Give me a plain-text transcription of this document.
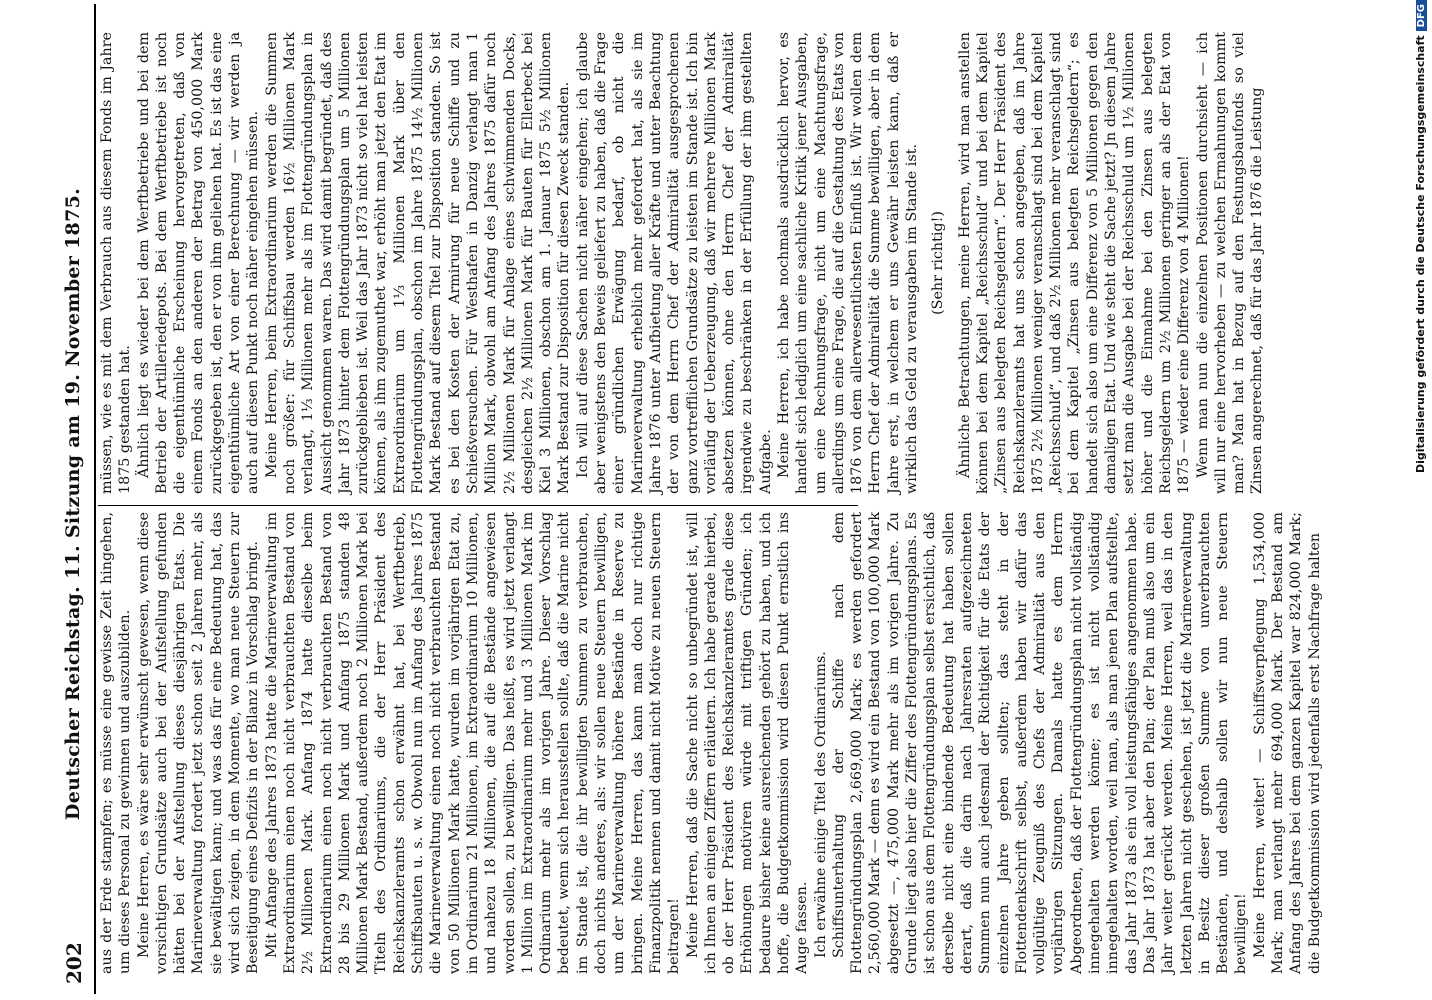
202
Deutscher Reichstag. 11. Sitzung am 19. November 1875. aus der Erde stampfen; es müsse eine gewisse Zeit hingehen, um dieses Personal zu gewinnen und auszubilden. Meine Herren, es wäre sehr erwünscht gewesen, wenn diese vorsichtigen Grundsätze auch bei der Aufstellung gefunden hätten bei der Aufstellung dieses diesjährigen Etats. Die Marineverwaltung fordert jetzt schon seit 2 Jahren mehr, als sie bewältigen kann; und was das für eine Bedeutung hat, das wird sich zeigen, in dem Momente, wo man neue Steuern zur Beseitigung eines Defizits in der Bilanz in Vorschlag bringt. Mit Anfange des Jahres 1873 hatte die Marineverwaltung im Extraordinarium einen noch nicht verbrauchten Bestand von 2½ Millionen Mark. Anfang 1874 hatte dieselbe beim Extraordinarium einen noch nicht verbrauchten Bestand von 28 bis 29 Millionen Mark und Anfang 1875 standen 48 Millionen Mark Bestand, außerdem noch 2 Millionen Mark bei Titeln des Ordinariums, die der Herr Präsident des Reichskanzleramts schon erwähnt hat, bei Werftbetrieb, Schiffsbauten u. s. w. Obwohl nun im Anfang des Jahres 1875 die Marineverwaltung einen noch nicht verbrauchten Bestand von 50 Millionen Mark hatte, wurden im vorjährigen Etat zu, im Ordinarium 21 Millionen, im Extraordinarium 10 Millionen, und nahezu 18 Millionen, die auf die Bestände angewiesen worden sollen, zu bewilligen. Das heißt, es wird jetzt verlangt 1 Million im Extraordinarium mehr und 3 Millionen Mark im Ordinarium mehr als im vorigen Jahre. Dieser Vorschlag bedeutet, wenn sich herausstellen sollte, daß die Marine nicht im Stande ist, die ihr bewilligten Summen zu verbrauchen, doch nichts anderes, als: wir sollen neue Steuern bewilligen, um der Marineverwaltung höhere Bestände in Reserve zu bringen. Meine Herren, das kann man doch nur richtige Finanzpolitik nennen und damit nicht Motive zu neuen Steuern beitragen! Meine Herren, daß die Sache nicht so unbegründet ist, will ich Ihnen an einigen Ziffern erläutern. Ich habe gerade hierbei, ob der Herr Präsident des Reichskanzleramtes grade diese Erhöhungen motiviren würde mit triftigen Gründen; ich bedaure bisher keine ausreichenden gehört zu haben, und ich hoffe, die Budgetkommission wird diesen Punkt ernstlich ins Auge fassen. Ich erwähne einige Titel des Ordinariums. Schiffsunterhaltung der Schiffe nach dem Flottengründungsplan 2,669,000 Mark; es werden gefordert 2,560,000 Mark — denn es wird ein Bestand von 100,000 Mark abgesetzt —, 475,000 Mark mehr als im vorigen Jahre. Zu Grunde liegt also hier die Ziffer des Flottengründungsplans. Es ist schon aus dem Flottengründungsplan selbst ersichtlich, daß derselbe nicht eine bindende Bedeutung hat haben sollen derart, daß die darin nach Jahresraten aufgezeichneten Summen nun auch jedesmal der Richtigkeit für die Etats der einzelnen Jahre geben sollten; das steht in der Flottendenkschrift selbst, außerdem haben wir dafür das vollgültige Zeugniß des Chefs der Admiralität aus den vorjährigen Sitzungen. Damals hatte es dem Herrn Abgeordneten, daß der Flottengründungsplan nicht vollständig innegehalten werden könne; es ist nicht vollständig innegehalten worden, weil man, als man jenen Plan aufstellte, das Jahr 1873 als ein voll leistungsfähiges angenommen habe. Das Jahr 1873 hat aber den Plan; der Plan muß also um ein Jahr weiter gerückt werden. Meine Herren, weil das in den letzten Jahren nicht geschehen, ist jetzt die Marineverwaltung in Besitz dieser großen Summe von unverbrauchten Beständen, und deshalb sollen wir nun neue Steuern bewilligen! Meine Herren, weiter! — Schiffsverpflegung 1,534,000 Mark; man verlangt mehr 694,000 Mark. Der Bestand am Anfang des Jahres bei dem ganzen Kapitel war 824,000 Mark; die Budgetkommission wird jedenfalls erst Nachfrage halten

müssen, wie es mit dem Verbrauch aus diesem Fonds im Jahre 1875 gestanden hat. Ähnlich liegt es wieder bei dem Werftbetriebe und bei dem Betrieb der Artilleriedepots. Bei dem Werftbetriebe ist noch die eigenthümliche Erscheinung hervorgetreten, daß von einem Fonds an den anderen der Betrag von 450,000 Mark zurückgegeben ist, den er von ihm geliehen hat. Es ist das eine eigenthümliche Art von einer Berechnung — wir werden ja auch auf diesen Punkt noch näher eingehen müssen. Meine Herren, beim Extraordinarium werden die Summen noch größer: für Schiffsbau werden 16½ Millionen Mark verlangt, 1⅓ Millionen mehr als im Flottengründungsplan in Aussicht genommen waren. Das wird damit begründet, daß des Jahr 1873 hinter dem Flottengründungsplan um 5 Millionen zurückgeblieben ist. Weil das Jahr 1873 nicht so viel hat leisten können, als ihm zugemuthet war, erhöht man jetzt den Etat im Extraordinarium um 1⅓ Millionen Mark über den Flottengründungsplan, obschon im Jahre 1875 14½ Millionen Mark Bestand auf diesem Titel zur Disposition standen. So ist es bei den Kosten der Armirung für neue Schiffe und zu Schießversuchen. Für Westhafen in Danzig verlangt man 1 Million Mark, obwohl am Anfang des Jahres 1875 dafür noch 2½ Millionen Mark für Anlage eines schwimmenden Docks, desgleichen 2½ Millionen Mark für Bauten für Ellerbeck bei Kiel 3 Millionen, obschon am 1. Januar 1875 5½ Millionen Mark Bestand zur Disposition für diesen Zweck standen. Ich will auf diese Sachen nicht näher eingehen; ich glaube aber wenigstens den Beweis geliefert zu haben, daß die Frage einer gründlichen Erwägung bedarf, ob nicht die Marineverwaltung erheblich mehr gefordert hat, als sie im Jahre 1876 unter Aufbietung aller Kräfte und unter Beachtung der von dem Herrn Chef der Admiralität ausgesprochenen ganz vortrefflichen Grundsätze zu leisten im Stande ist. Ich bin vorläufig der Ueberzeugung, daß wir mehrere Millionen Mark absetzen können, ohne den Herrn Chef der Admiralität irgendwie zu beschränken in der Erfüllung der ihm gestellten Aufgabe. Meine Herren, ich habe nochmals ausdrücklich hervor, es handelt sich lediglich um eine sachliche Kritik jener Ausgaben, um eine Rechnungsfrage, nicht um eine Machtungsfrage, allerdings um eine Frage, die auf die Gestaltung des Etats von 1876 von dem allerwesentlichsten Einfluß ist. Wir wollen dem Herrn Chef der Admiralität die Summe bewilligen, aber in dem Jahre erst, in welchem er uns Gewähr leisten kann, daß er wirklich das Geld zu verausgaben im Stande ist. (Sehr richtig!) Ähnliche Betrachtungen, meine Herren, wird man anstellen können bei dem Kapitel „Reichsschuld“ und bei dem Kapitel „Zinsen aus belegten Reichsgeldern“. Der Herr Präsident des Reichskanzleramts hat uns schon angegeben, daß im Jahre 1875 2½ Millionen weniger veranschlagt sind bei dem Kapitel „Reichsschuld“, und daß 2½ Millionen mehr veranschlagt sind bei dem Kapitel „Zinsen aus belegten Reichsgeldern“; es handelt sich also um eine Differenz von 5 Millionen gegen den damaligen Etat. Und wie steht die Sache jetzt? Jn diesem Jahre setzt man die Ausgabe bei der Reichsschuld um 1½ Millionen höher und die Einnahme bei den Zinsen aus belegten Reichsgeldern um 2½ Millionen geringer an als der Etat von 1875 — wieder eine Differenz von 4 Millionen! Wenn man nun die einzelnen Positionen durchsieht — ich will nur eine hervorheben — zu welchen Ermahnungen kommt man? Man hat in Bezug auf den Festungsbaufonds so viel Zinsen angerechnet, daß für das Jahr 1876 die Leistung	Digitalisierung gefördert durch die Deutsche ForschungsgemeinschaftDFG
